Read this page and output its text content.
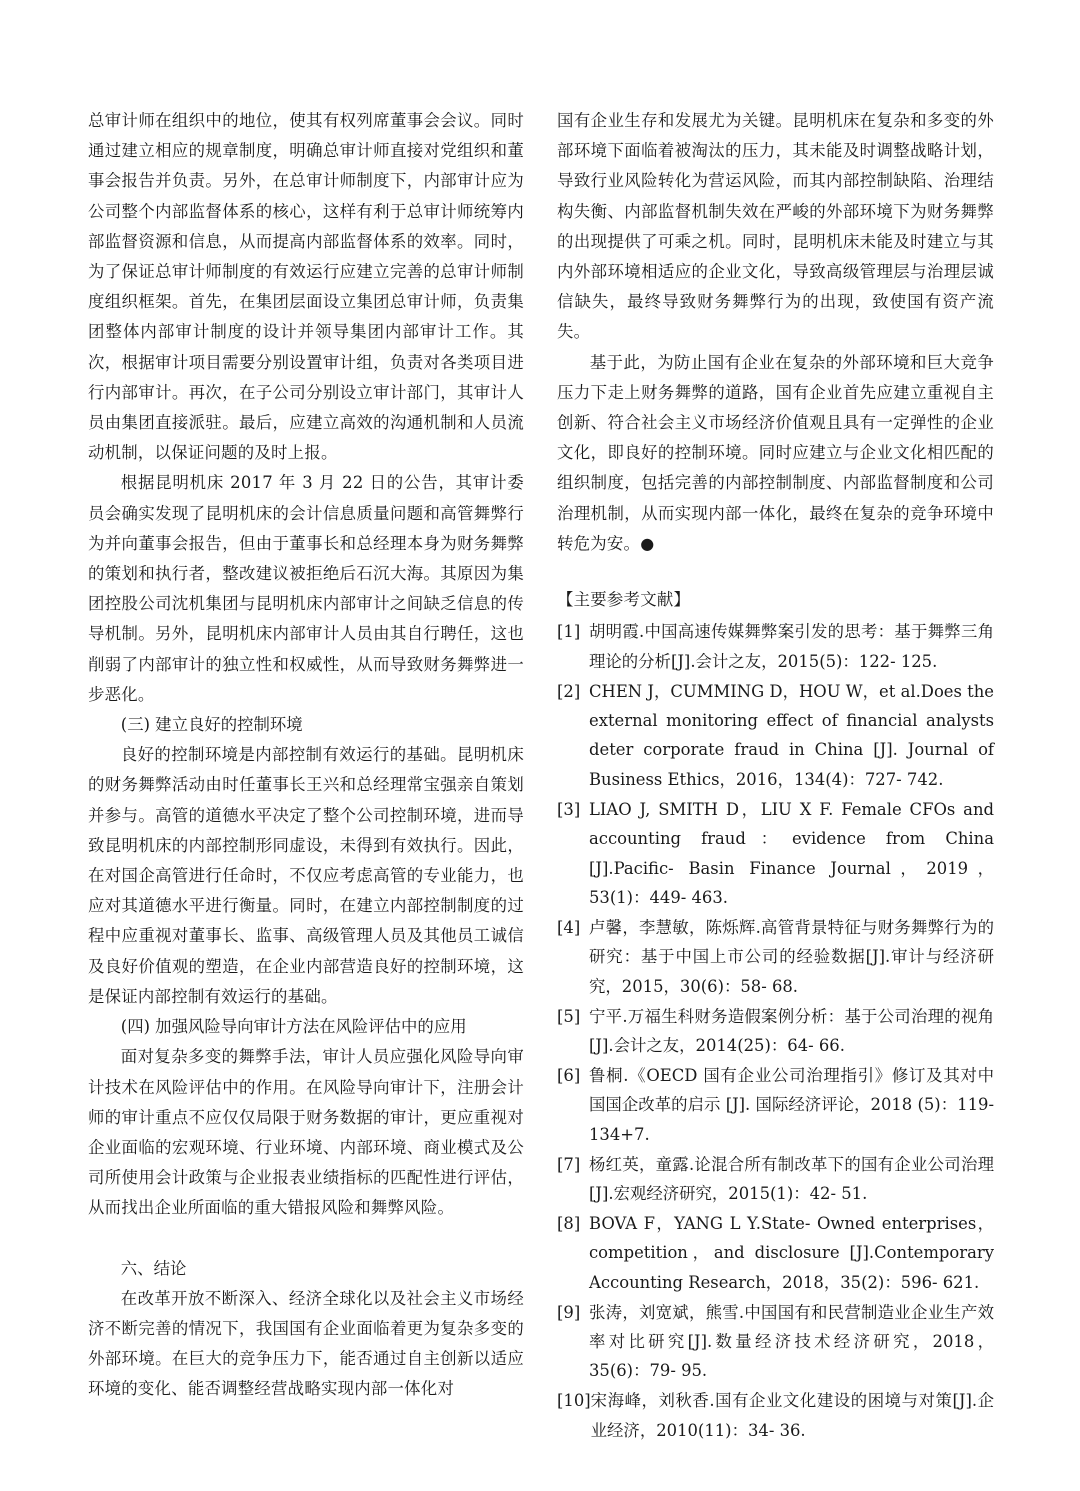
总审计师在组织中的地位，使其有权列席董事会会议。同时通过建立相应的规章制度，明确总审计师直接对党组织和董事会报告并负责。另外，在总审计师制度下，内部审计应为公司整个内部监督体系的核心，这样有利于总审计师统筹内部监督资源和信息，从而提高内部监督体系的效率。同时，为了保证总审计师制度的有效运行应建立完善的总审计师制度组织框架。首先，在集团层面设立集团总审计师，负责集团整体内部审计制度的设计并领导集团内部审计工作。其次，根据审计项目需要分别设置审计组，负责对各类项目进行内部审计。再次，在子公司分别设立审计部门，其审计人员由集团直接派驻。最后，应建立高效的沟通机制和人员流动机制，以保证问题的及时上报。

根据昆明机床 2017 年 3 月 22 日的公告，其审计委员会确实发现了昆明机床的会计信息质量问题和高管舞弊行为并向董事会报告，但由于董事长和总经理本身为财务舞弊的策划和执行者，整改建议被拒绝后石沉大海。其原因为集团控股公司沈机集团与昆明机床内部审计之间缺乏信息的传导机制。另外，昆明机床内部审计人员由其自行聘任，这也削弱了内部审计的独立性和权威性，从而导致财务舞弊进一步恶化。

(三) 建立良好的控制环境

良好的控制环境是内部控制有效运行的基础。昆明机床的财务舞弊活动由时任董事长王兴和总经理常宝强亲自策划并参与。高管的道德水平决定了整个公司控制环境，进而导致昆明机床的内部控制形同虚设，未得到有效执行。因此，在对国企高管进行任命时，不仅应考虑高管的专业能力，也应对其道德水平进行衡量。同时，在建立内部控制制度的过程中应重视对董事长、监事、高级管理人员及其他员工诚信及良好价值观的塑造，在企业内部营造良好的控制环境，这是保证内部控制有效运行的基础。

(四) 加强风险导向审计方法在风险评估中的应用

面对复杂多变的舞弊手法，审计人员应强化风险导向审计技术在风险评估中的作用。在风险导向审计下，注册会计师的审计重点不应仅仅局限于财务数据的审计，更应重视对企业面临的宏观环境、行业环境、内部环境、商业模式及公司所使用会计政策与企业报表业绩指标的匹配性进行评估，从而找出企业所面临的重大错报风险和舞弊风险。

六、结论

在改革开放不断深入、经济全球化以及社会主义市场经济不断完善的情况下，我国国有企业面临着更为复杂多变的外部环境。在巨大的竞争压力下，能否通过自主创新以适应环境的变化、能否调整经营战略实现内部一体化对

国有企业生存和发展尤为关键。昆明机床在复杂和多变的外部环境下面临着被淘汰的压力，其未能及时调整战略计划，导致行业风险转化为营运风险，而其内部控制缺陷、治理结构失衡、内部监督机制失效在严峻的外部环境下为财务舞弊的出现提供了可乘之机。同时，昆明机床未能及时建立与其内外部环境相适应的企业文化，导致高级管理层与治理层诚信缺失，最终导致财务舞弊行为的出现，致使国有资产流失。

基于此，为防止国有企业在复杂的外部环境和巨大竞争压力下走上财务舞弊的道路，国有企业首先应建立重视自主创新、符合社会主义市场经济价值观且具有一定弹性的企业文化，即良好的控制环境。同时应建立与企业文化相匹配的组织制度，包括完善的内部控制制度、内部监督制度和公司治理机制，从而实现内部一体化，最终在复杂的竞争环境中转危为安。●

【主要参考文献】

[1] 胡明霞.中国高速传媒舞弊案引发的思考：基于舞弊三角理论的分析[J].会计之友，2015(5)：122- 125.
[2] CHEN J，CUMMING D，HOU W，et al.Does the external monitoring effect of financial analysts deter corporate fraud in China [J]. Journal of Business Ethics，2016，134(4)：727- 742.
[3] LIAO J, SMITH D，LIU X F. Female CFOs and accounting fraud：evidence from China [J].Pacific- Basin Finance Journal，2019，53(1)：449- 463.
[4] 卢馨，李慧敏，陈烁辉.高管背景特征与财务舞弊行为的研究：基于中国上市公司的经验数据[J].审计与经济研究，2015，30(6)：58- 68.
[5] 宁平.万福生科财务造假案例分析：基于公司治理的视角[J].会计之友，2014(25)：64- 66.
[6] 鲁桐.《OECD 国有企业公司治理指引》修订及其对中国国企改革的启示 [J]. 国际经济评论，2018 (5)：119- 134+7.
[7] 杨红英，童露.论混合所有制改革下的国有企业公司治理[J].宏观经济研究，2015(1)：42- 51.
[8] BOVA F，YANG L Y.State- Owned enterprises，competition，and disclosure [J].Contemporary Accounting Research，2018，35(2)：596- 621.
[9] 张涛，刘宽斌，熊雪.中国国有和民营制造业企业生产效率对比研究[J].数量经济技术经济研究，2018，35(6)：79- 95.
[10] 宋海峰，刘秋香.国有企业文化建设的困境与对策[J].企业经济，2010(11)：34- 36.
